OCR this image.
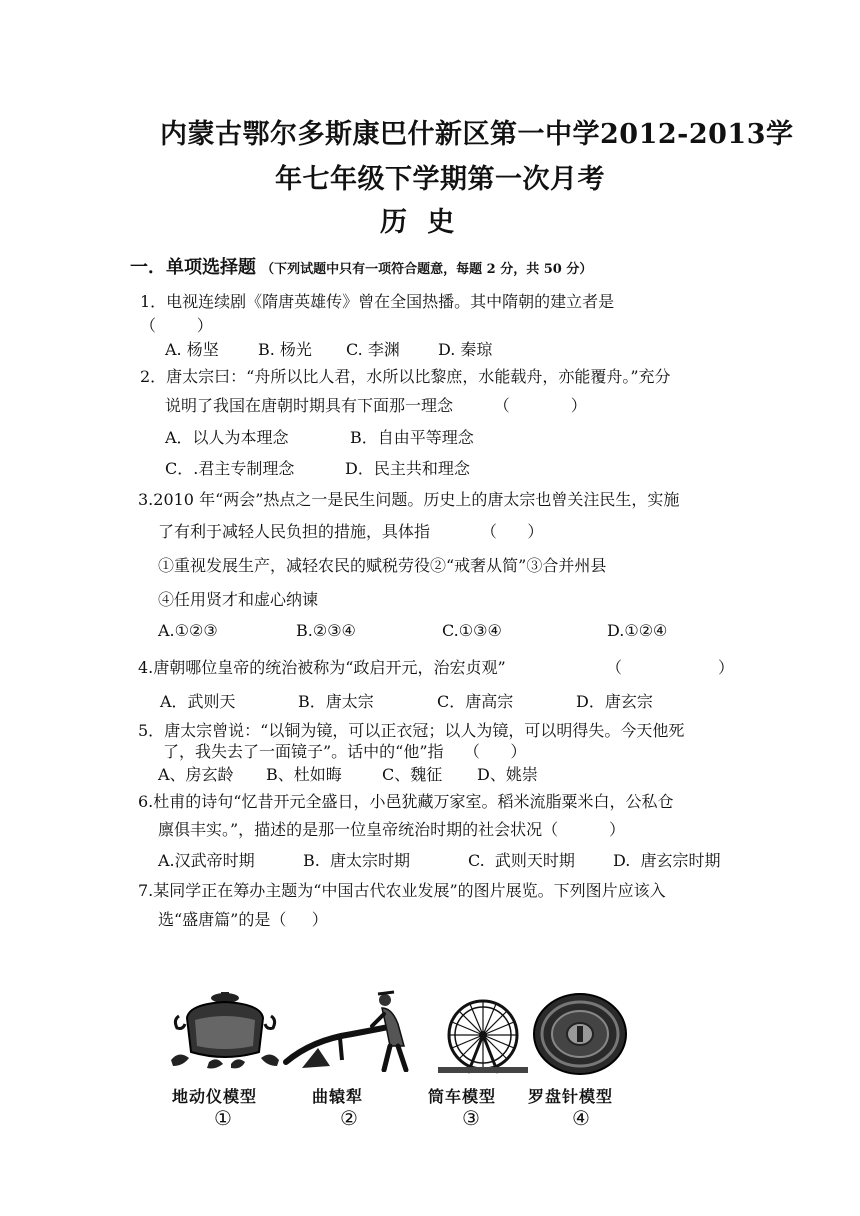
内蒙古鄂尔多斯康巴什新区第一中学2012-2013学
年七年级下学期第一次月考
历  史
一．单项选择题 （下列试题中只有一项符合题意，每题 2 分，共 50 分）
1．电视连续剧《隋唐英雄传》曾在全国热播。其中隋朝的建立者是
（        ）
A. 杨坚 B. 杨光 C. 李渊 D. 秦琼
2．唐太宗曰：“舟所以比人君，水所以比黎庶，水能载舟，亦能覆舟。”充分
说明了我国在唐朝时期具有下面那一理念        （            ）
A．以人为本理念	B．自由平等理念
C．.君主专制理念	D．民主共和理念
3.2010 年“两会”热点之一是民生问题。历史上的唐太宗也曾关注民生，实施
了有利于减轻人民负担的措施，具体指          （      ）
①重视发展生产，减轻农民的赋税劳役②“戒奢从简”③合并州县
④任用贤才和虚心纳谏
A.①②③	B.②③④	C.①③④	D.①②④
4.唐朝哪位皇帝的统治被称为“政启开元，治宏贞观”	（	）
A．武则天	B．唐太宗	C．唐高宗	D．唐玄宗
5．唐太宗曾说：“以铜为镜，可以正衣冠；以人为镜，可以明得失。今天他死
了，我失去了一面镜子”。话中的“他”指    （      ）
A、房玄龄 B、杜如晦	C、魏征 D、姚崇
6.杜甫的诗句“忆昔开元全盛日，小邑犹藏万家室。稻米流脂粟米白，公私仓
廪俱丰实。”，描述的是那一位皇帝统治时期的社会状况（          ）
A.汉武帝时期	B.  唐太宗时期	C.  武则天时期 D.  唐玄宗时期
7.某同学正在筹办主题为“中国古代农业发展”的图片展览。下列图片应该入
选“盛唐篇”的是（     ）
地动仪模型	曲辕犁	筒车模型 罗盘针模型
①	②	③	④
